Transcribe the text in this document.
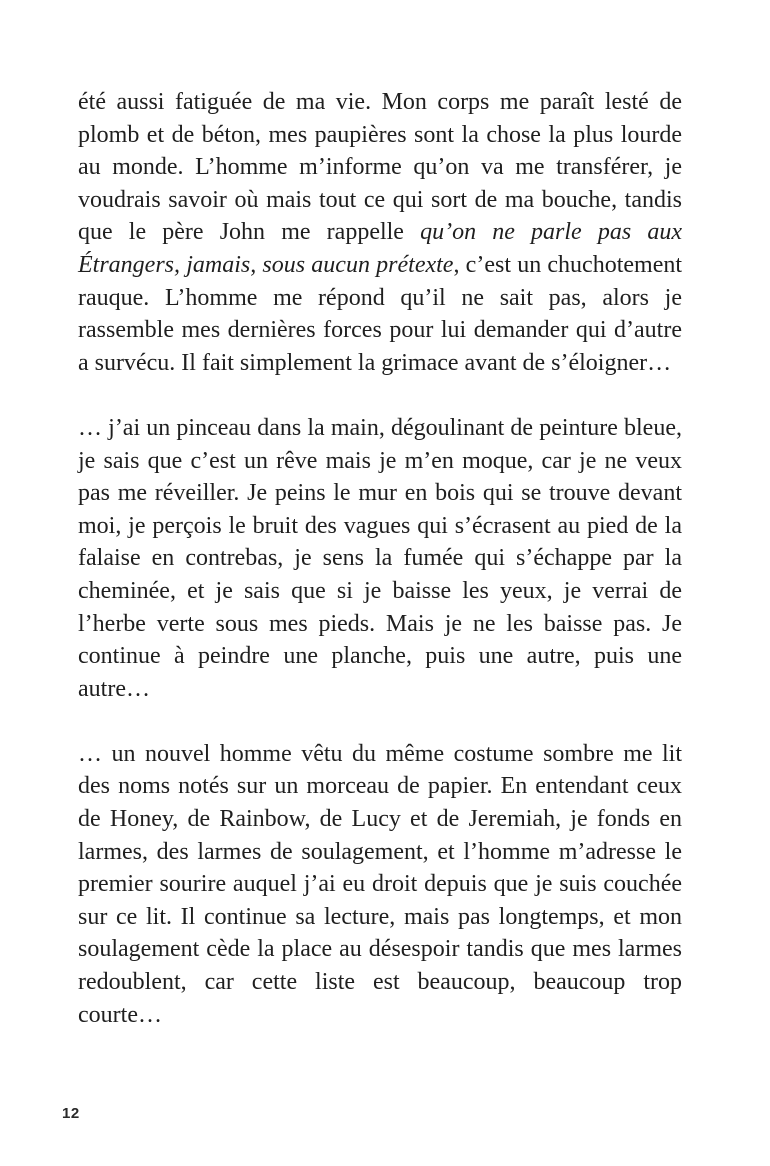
été aussi fatiguée de ma vie. Mon corps me paraît lesté de plomb et de béton, mes paupières sont la chose la plus lourde au monde. L’homme m’informe qu’on va me transférer, je voudrais savoir où mais tout ce qui sort de ma bouche, tandis que le père John me rappelle qu’on ne parle pas aux Étrangers, jamais, sous aucun prétexte, c’est un chuchotement rauque. L’homme me répond qu’il ne sait pas, alors je rassemble mes dernières forces pour lui demander qui d’autre a survécu. Il fait simplement la grimace avant de s’éloigner…

… j’ai un pinceau dans la main, dégoulinant de peinture bleue, je sais que c’est un rêve mais je m’en moque, car je ne veux pas me réveiller. Je peins le mur en bois qui se trouve devant moi, je perçois le bruit des vagues qui s’écrasent au pied de la falaise en contrebas, je sens la fumée qui s’échappe par la cheminée, et je sais que si je baisse les yeux, je verrai de l’herbe verte sous mes pieds. Mais je ne les baisse pas. Je continue à peindre une planche, puis une autre, puis une autre…

… un nouvel homme vêtu du même costume sombre me lit des noms notés sur un morceau de papier. En entendant ceux de Honey, de Rainbow, de Lucy et de Jeremiah, je fonds en larmes, des larmes de soulagement, et l’homme m’adresse le premier sourire auquel j’ai eu droit depuis que je suis couchée sur ce lit. Il continue sa lecture, mais pas longtemps, et mon soulagement cède la place au désespoir tandis que mes larmes redoublent, car cette liste est beaucoup, beaucoup trop courte…

12
